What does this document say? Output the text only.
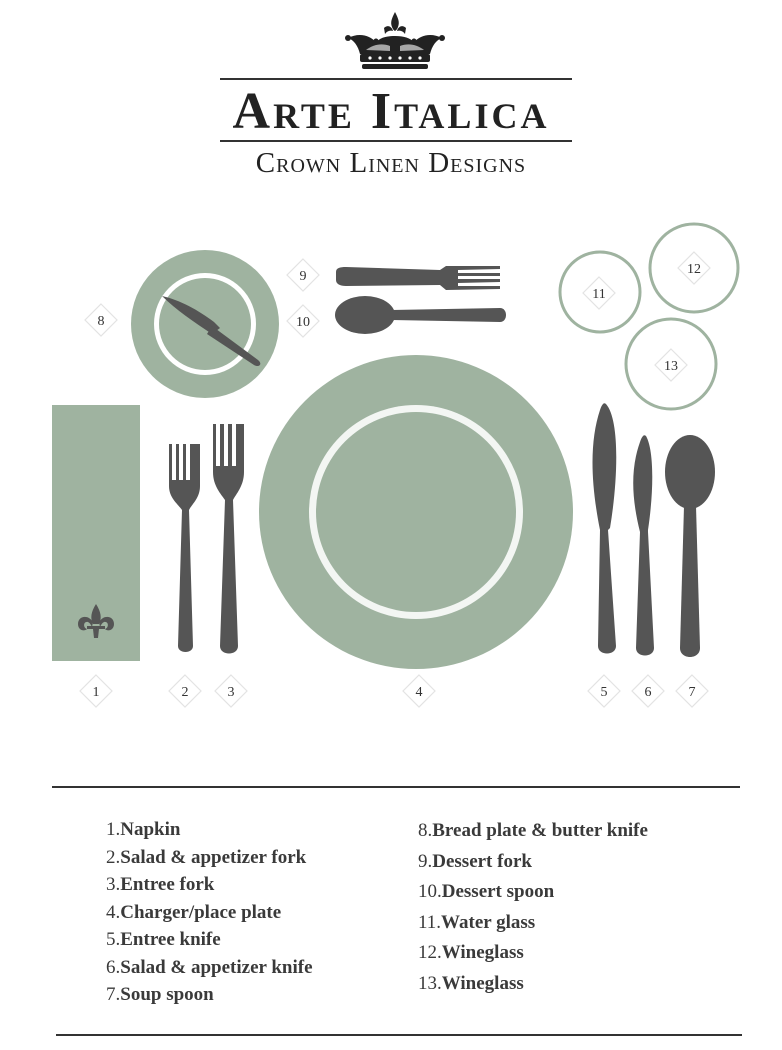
Arte Italica
Crown Linen Designs
1	2	3	4	5	6	7
8
9
10
11
12
13
1.Napkin
2.Salad & appetizer fork
3.Entree fork
4.Charger/place plate
5.Entree knife
6.Salad & appetizer knife
7.Soup spoon
8.Bread plate & butter knife
9.Dessert fork
10.Dessert spoon
11.Water glass
12.Wineglass
13.Wineglass
